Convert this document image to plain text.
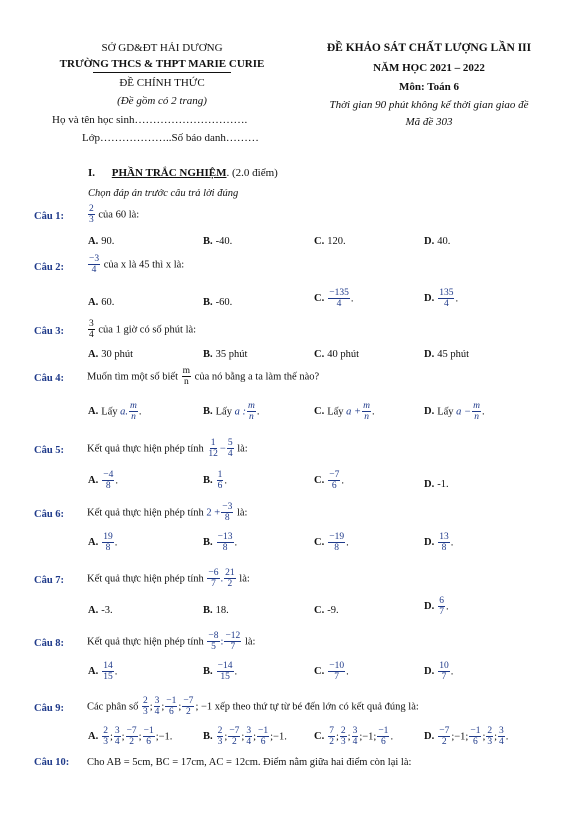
SỞ GD&ĐT HẢI DƯƠNG
TRƯỜNG THCS & THPT MARIE CURIE
ĐỀ CHÍNH THỨC
(Đề gồm có 2 trang)
Họ và tên học sinh………………………….
Lớp………………..Số báo danh………
ĐỀ KHẢO SÁT CHẤT LƯỢNG LẦN III
NĂM HỌC 2021 – 2022
Môn: Toán 6
Thời gian 90 phút không kể thời gian giao đề
Mã đề 303
I. PHẦN TRẮC NGHIỆM. (2.0 điểm)
Chọn đáp án trước câu trả lời đúng
Câu 1:	$\frac{2}{3}$ của 60 là:
A. 90.	B. -40.	C. 120.	D. 40.
Câu 2:	$\frac{-3}{4}$ của x là 45 thì x là:
A. 60.	B. -60.	C. $\frac{-135}{4}$ .	D. $\frac{135}{4}$ .
Câu 3:	$\frac{3}{4}$ của 1 giờ có số phút là:
A. 30 phút	B. 35 phút	C. 40 phút	D. 45 phút
Câu 4: Muốn tìm một số biết $\frac{m}{n}$ của nó bằng a ta làm thế nào?
A. Lấy a. $\frac{m}{n}$ .	B. Lấy a : $\frac{m}{n}$ .	C. Lấy $a + \frac{m}{n}$ .	D. Lấy $a - \frac{m}{n}$ .
Câu 5: Kết quả thực hiện phép tính $\frac{1}{12} - \frac{5}{4}$ là:
A. $\frac{-4}{8}$ .	B. $\frac{1}{6}$ .	C. $\frac{-7}{6}$ .	D. -1.
Câu 6: Kết quả thực hiện phép tính $2 + \frac{-3}{8}$ là:
A. $\frac{19}{8}$ .	B. $\frac{-13}{8}$ .	C. $\frac{-19}{8}$ .	D. $\frac{13}{8}$ .
Câu 7: Kết quả thực hiện phép tính $\frac{-6}{7}$ . $\frac{21}{2}$ là:
A. -3.	B. 18.	C. -9.	D. $\frac{6}{7}$ .
Câu 8: Kết quả thực hiện phép tính $\frac{-8}{5}$ : $\frac{-12}{7}$ là:
A. $\frac{14}{15}$ .	B. $\frac{-14}{15}$ .	C. $\frac{-10}{7}$ .	D. $\frac{10}{7}$ .
Câu 9: Các phân số $\frac{2}{3}$ ; $\frac{3}{4}$ ; $\frac{-1}{6}$ ; $\frac{-7}{2}$ ; −1 xếp theo thứ tự từ bé đến lớn có kết quả đúng là:
A. $\frac{2}{3}$ ; $\frac{3}{4}$ ; $\frac{-7}{2}$ ; $\frac{-1}{6}$ ;−1.	B. $\frac{2}{3}$ ; $\frac{-7}{2}$ ; $\frac{3}{4}$ ; $\frac{-1}{6}$ ;−1.	C. $\frac{7}{2}$ ; $\frac{2}{3}$ ; $\frac{3}{4}$ ;−1; $\frac{-1}{6}$ .	D. $\frac{-7}{2}$ ;−1; $\frac{-1}{6}$ ; $\frac{2}{3}$ ; $\frac{3}{4}$ .
Câu 10: Cho AB = 5cm, BC = 17cm, AC = 12cm. Điểm nằm giữa hai điểm còn lại là:
